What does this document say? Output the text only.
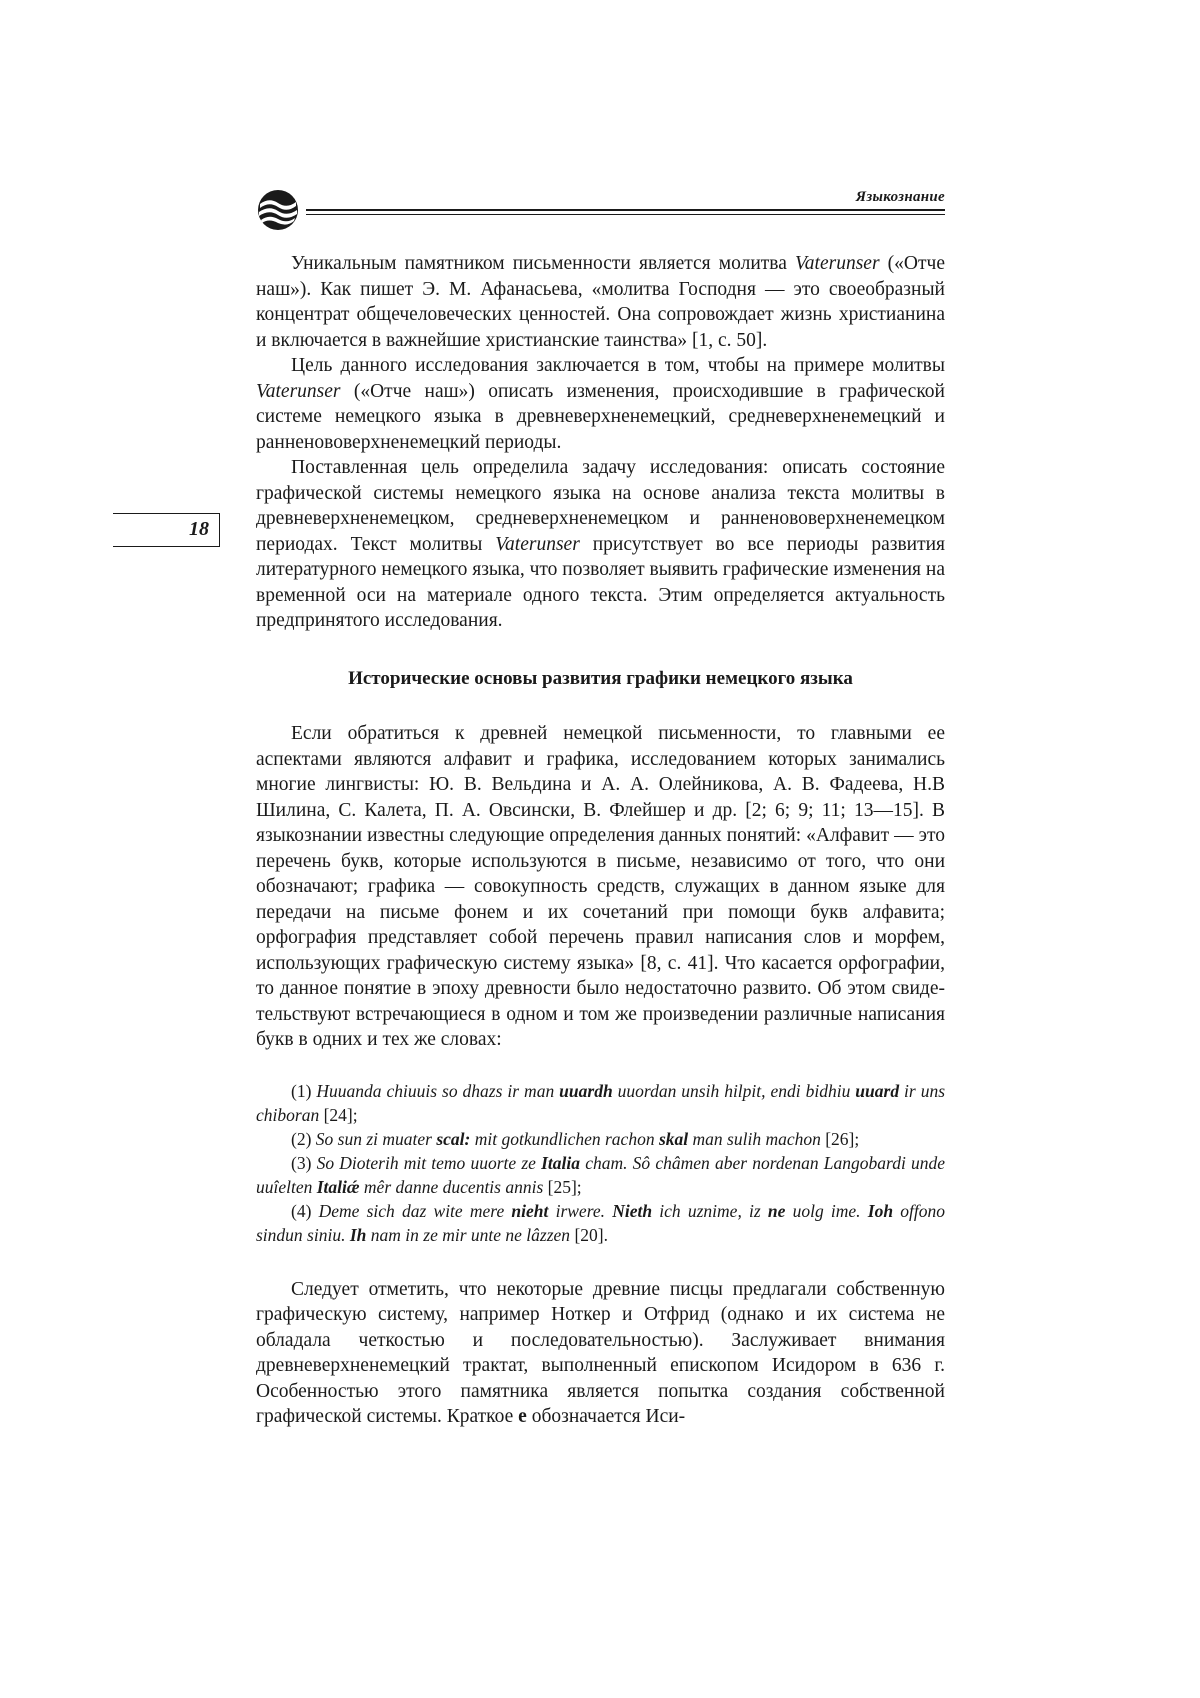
Языкознание
18

Уникальным памятником письменности является молитва Vaterunser («Отче наш»). Как пишет Э. М. Афанасьева, «молитва Господня — это своеобразный концентрат общечеловеческих ценностей. Она сопровождает жизнь христианина и включается в важнейшие христианские таинства» [1, с. 50].

Цель данного исследования заключается в том, чтобы на примере молитвы Vaterunser («Отче наш») описать изменения, происходившие в графической системе немецкого языка в древневерхненемецкий, средневерхненемецкий и ранненововерхненемецкий периоды.

Поставленная цель определила задачу исследования: описать состояние графической системы немецкого языка на основе анализа текста молитвы в древневерхненемецком, средневерхненемецком и ранненововерхненемецком периодах. Текст молитвы Vaterunser присутствует во все периоды развития литературного немецкого языка, что позволяет выявить графические изменения на временной оси на материале одного текста. Этим определяется актуальность предпринятого исследования.

Исторические основы развития графики немецкого языка

Если обратиться к древней немецкой письменности, то главными ее аспектами являются алфавит и графика, исследованием которых занимались многие лингвисты: Ю. В. Вельдина и А. А. Олейникова, А. В. Фадеева, Н.В Шилина, С. Калета, П. А. Овсински, В. Флейшер и др. [2; 6; 9; 11; 13—15]. В языкознании известны следующие определения данных понятий: «Алфавит — это перечень букв, которые используются в письме, независимо от того, что они обозначают; графика — совокупность средств, служащих в данном языке для передачи на письме фонем и их сочетаний при помощи букв алфавита; орфография представляет собой перечень правил написания слов и морфем, использующих графическую систему языка» [8, с. 41]. Что касается орфографии, то данное понятие в эпоху древности было недостаточно развито. Об этом свидетельствуют встречающиеся в одном и том же произведении различные написания букв в одних и тех же словах:

(1) Huuanda chiuuis so dhazs ir man uuardh uuordan unsih hilpit, endi bidhiu uuard ir uns chiboran [24];

(2) So sun zi muater scal: mit gotkundlichen rachon skal man sulih machon [26];

(3) So Dioterih mit temo uuorte ze Italia cham. Sô châmen aber nordenan Langobardi unde uuîelten Italiǽ mêr danne ducentis annis [25];

(4) Deme sich daz wite mere nieht irwere. Nieth ich uznime, iz ne uolg ime. Ioh offono sindun siniu. Ih nam in ze mir unte ne lâzzen [20].

Следует отметить, что некоторые древние писцы предлагали собственную графическую систему, например Ноткер и Отфрид (однако и их система не обладала четкостью и последовательностью). Заслуживает внимания древневерхненемецкий трактат, выполненный епископом Исидором в 636 г. Особенностью этого памятника является попытка создания собственной графической системы. Краткое e обозначается Иси-
